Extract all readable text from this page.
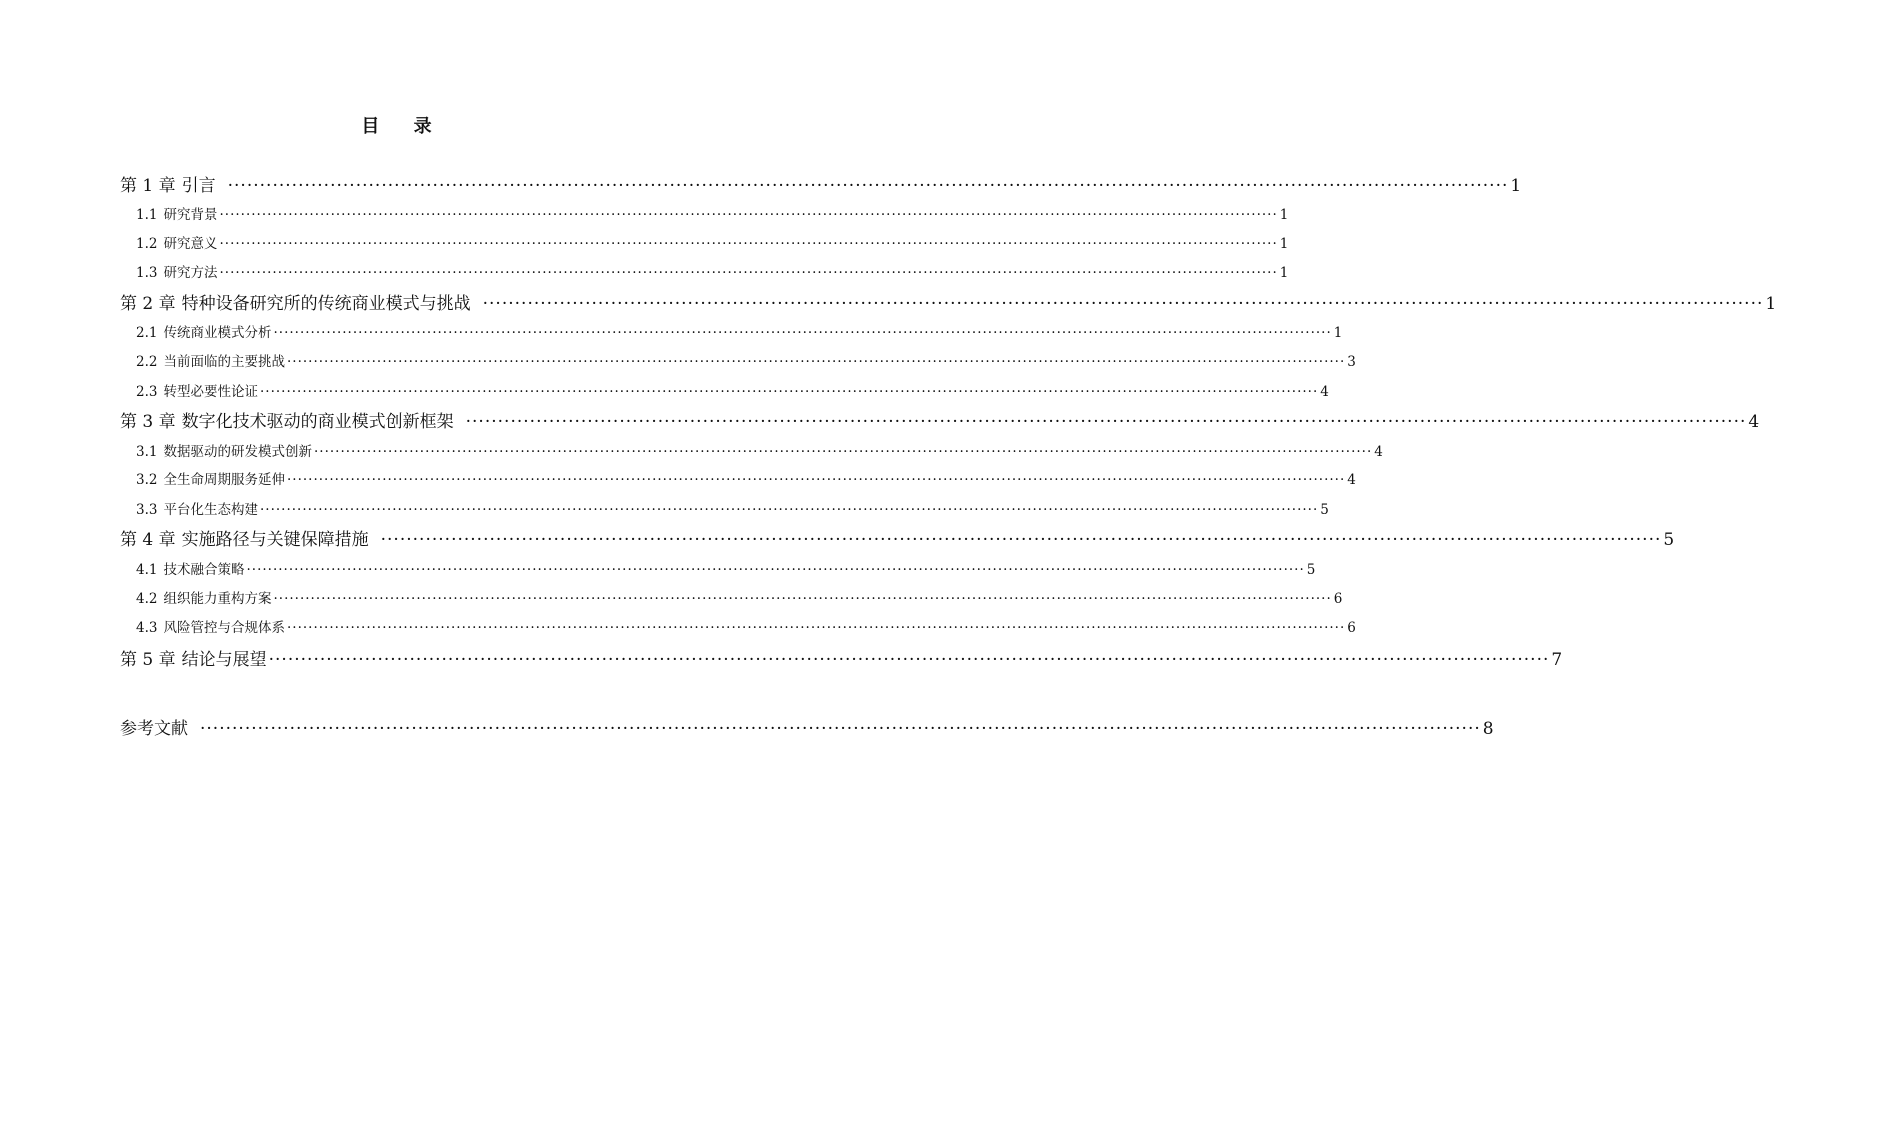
目 录
第 1 章 引言 ········································································································································································································ 1
1.1 研究背景 ········································································································································································································ 1
1.2 研究意义 ········································································································································································································ 1
1.3 研究方法 ········································································································································································································ 1
第 2 章 特种设备研究所的传统商业模式与挑战 ········································································································································································································ 1
2.1 传统商业模式分析 ········································································································································································································ 1
2.2 当前面临的主要挑战 ········································································································································································································ 3
2.3 转型必要性论证 ········································································································································································································ 4
第 3 章 数字化技术驱动的商业模式创新框架 ········································································································································································································ 4
3.1 数据驱动的研发模式创新 ········································································································································································································ 4
3.2 全生命周期服务延伸 ········································································································································································································ 4
3.3 平台化生态构建 ········································································································································································································ 5
第 4 章 实施路径与关键保障措施 ········································································································································································································ 5
4.1 技术融合策略 ········································································································································································································ 5
4.2 组织能力重构方案 ········································································································································································································ 6
4.3 风险管控与合规体系 ········································································································································································································ 6
第 5 章 结论与展望 ········································································································································································································ 7
参考文献 ········································································································································································································ 8
